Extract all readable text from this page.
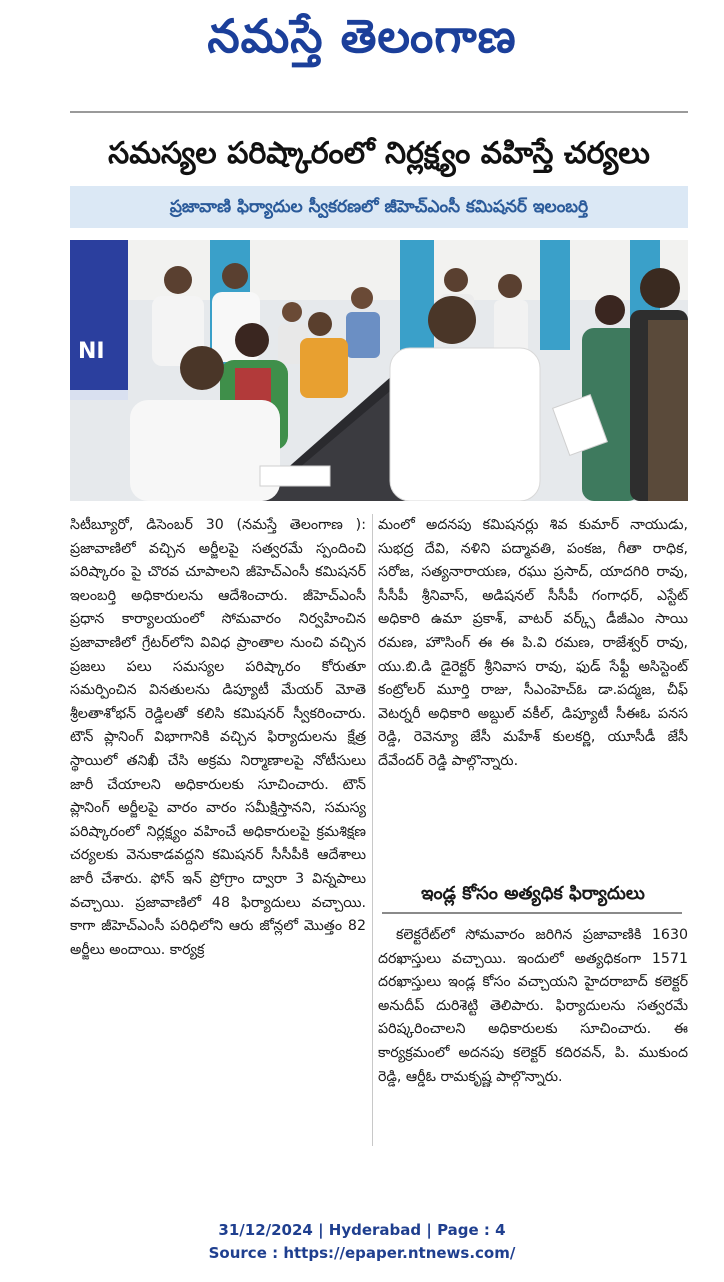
నమస్తే తెలంగాణ
సమస్యల పరిష్కారంలో నిర్లక్ష్యం వహిస్తే చర్యలు
ప్రజావాణి ఫిర్యాదుల స్వీకరణలో జీహెచ్‌ఎంసీ కమిషనర్ ఇలంబర్తి
NI

సిటీబ్యూరో, డిసెంబర్ 30 (నమస్తే తెలంగాణ ): ప్రజావాణిలో వచ్చిన అర్జీలపై సత్వరమే స్పందించి పరిష్కారం పై చొరవ చూపాలని జీహెచ్‌ఎంసీ కమిషనర్ ఇలంబర్తి అధికారులను ఆదేశించారు. జీహెచ్‌ఎంసీ ప్రధాన కార్యాలయంలో సోమవారం నిర్వహించిన ప్రజావాణిలో గ్రేటర్‌లోని వివిధ ప్రాంతాల నుంచి వచ్చిన ప్రజలు పలు సమస్యల పరిష్కారం కోరుతూ సమర్పించిన వినతులను డిప్యూటీ మేయర్ మోతె శ్రీలతాశోభన్ రెడ్డిలతో కలిసి కమిషనర్ స్వీకరించారు. టౌన్ ప్లానింగ్ విభాగానికి వచ్చిన ఫిర్యాదులను క్షేత్ర స్థాయిలో తనిఖీ చేసి అక్రమ నిర్మాణాలపై నోటీసులు జారీ చేయాలని అధికారులకు సూచించారు. టౌన్ ప్లానింగ్ అర్జీలపై వారం వారం సమీక్షిస్తానని, సమస్య పరిష్కారంలో నిర్లక్ష్యం వహించే అధికారులపై క్రమశిక్షణ చర్యలకు వెనుకాడవద్దని కమిషనర్ సీసీపీకి ఆదేశాలు జారీ చేశారు. ఫోన్ ఇన్ ప్రోగ్రాం ద్వారా 3 విన్నపాలు వచ్చాయి. ప్రజావాణిలో 48 ఫిర్యాదులు వచ్చాయి. కాగా జీహెచ్‌ఎంసీ పరిధిలోని ఆరు జోన్లలో మొత్తం 82 అర్జీలు అందాయి. కార్యక్ర

మంలో అదనపు కమిషనర్లు శివ కుమార్ నాయుడు, సుభద్ర దేవి, నళిని పద్మావతి, పంకజ, గీతా రాధిక, సరోజ, సత్యనారాయణ, రఘు ప్రసాద్, యాదగిరి రావు, సీసీపీ శ్రీనివాస్, అడిషనల్ సీసీపీ గంగాధర్, ఎస్టేట్ అధికారి ఉమా ప్రకాశ్, వాటర్ వర్క్స్ డీజీఎం సాయి రమణ, హౌసింగ్ ఈ ఈ పి.వి రమణ, రాజేశ్వర్ రావు, యు.బి.డి డైరెక్టర్ శ్రీనివాస రావు, ఫుడ్ సేఫ్టీ అసిస్టెంట్ కంట్రోలర్ మూర్తి రాజు, సీఎంహెచ్‌ఓ డా.పద్మజ, చీఫ్ వెటర్నరీ అధికారి అబ్దుల్ వకీల్, డిప్యూటీ సీఈఓ పనస రెడ్డి, రెవెన్యూ జేసీ మహేశ్ కులకర్ణి, యూసీడీ జేసీ దేవేందర్ రెడ్డి పాల్గొన్నారు.

ఇండ్ల కోసం అత్యధిక ఫిర్యాదులు

కలెక్టరేట్‌లో సోమవారం జరిగిన ప్రజావాణికి 1630 దరఖాస్తులు వచ్చాయి. ఇందులో అత్యధికంగా 1571 దరఖాస్తులు ఇండ్ల కోసం వచ్చాయని హైదరాబాద్ కలెక్టర్ అనుదీప్ దురిశెట్టి తెలిపారు. ఫిర్యాదులను సత్వరమే పరిష్కరించాలని అధికారులకు సూచించారు. ఈ కార్యక్రమంలో అదనపు కలెక్టర్ కదిరవన్, పి. ముకుంద రెడ్డి, ఆర్డీఓ రామకృష్ణ పాల్గొన్నారు.

31/12/2024 | Hyderabad | Page : 4
Source : https://epaper.ntnews.com/
